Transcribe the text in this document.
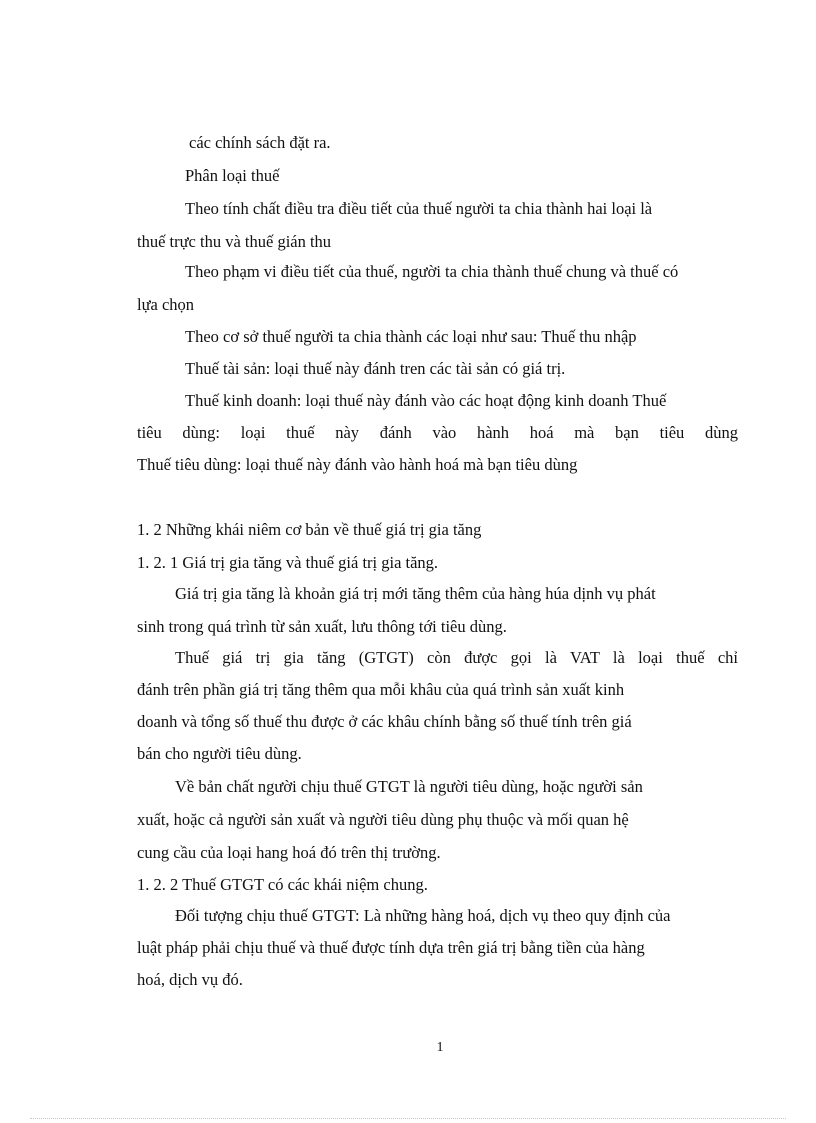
các chính sách đặt ra.
Phân loại thuế
Theo tính chất điều tra điều tiết của thuế người ta chia thành hai loại là
thuế trực thu và thuế gián thu
Theo phạm vi điều tiết của thuế, người ta chia thành thuế chung và thuế có
lựa chọn
Theo cơ sở thuế người ta chia thành các loại như sau: Thuế thu nhập
Thuế tài sản: loại thuế này đánh tren các tài sản có giá trị.
Thuế kinh doanh: loại thuế này đánh vào các hoạt động kinh doanh Thuế
tiêu dùng: loại thuế này đánh vào hành hoá mà bạn tiêu dùng
Thuế tiêu dùng: loại thuế này đánh vào hành hoá mà bạn tiêu dùng
1. 2 Những khái niêm cơ bản về thuế giá trị gia tăng
1. 2. 1 Giá trị gia tăng và thuế giá trị gia tăng.
Giá trị gia tăng là khoản giá trị mới tăng thêm của hàng húa dịnh vụ phát
sinh trong quá trình từ sản xuất, lưu thông tới tiêu dùng.
Thuế giá trị gia tăng (GTGT) còn được gọi là VAT là loại thuế chỉ
đánh trên phần giá trị tăng thêm qua mỗi khâu của quá trình sản xuất kinh
doanh và tổng số thuế thu được ở các khâu chính bằng số thuế tính trên giá
bán cho người tiêu dùng.
Về bản chất người chịu thuế GTGT là người tiêu dùng, hoặc người sản
xuất, hoặc cả người sản xuất và người tiêu dùng phụ thuộc và mối quan hệ
cung cầu của loại hang hoá đó trên thị trường.
1. 2. 2 Thuế GTGT có các khái niệm chung.
Đối tượng chịu thuế GTGT: Là những hàng hoá, dịch vụ theo quy định của
luật pháp phải chịu thuế và thuế được tính dựa trên giá trị bằng tiền của hàng
hoá, dịch vụ đó.
1
